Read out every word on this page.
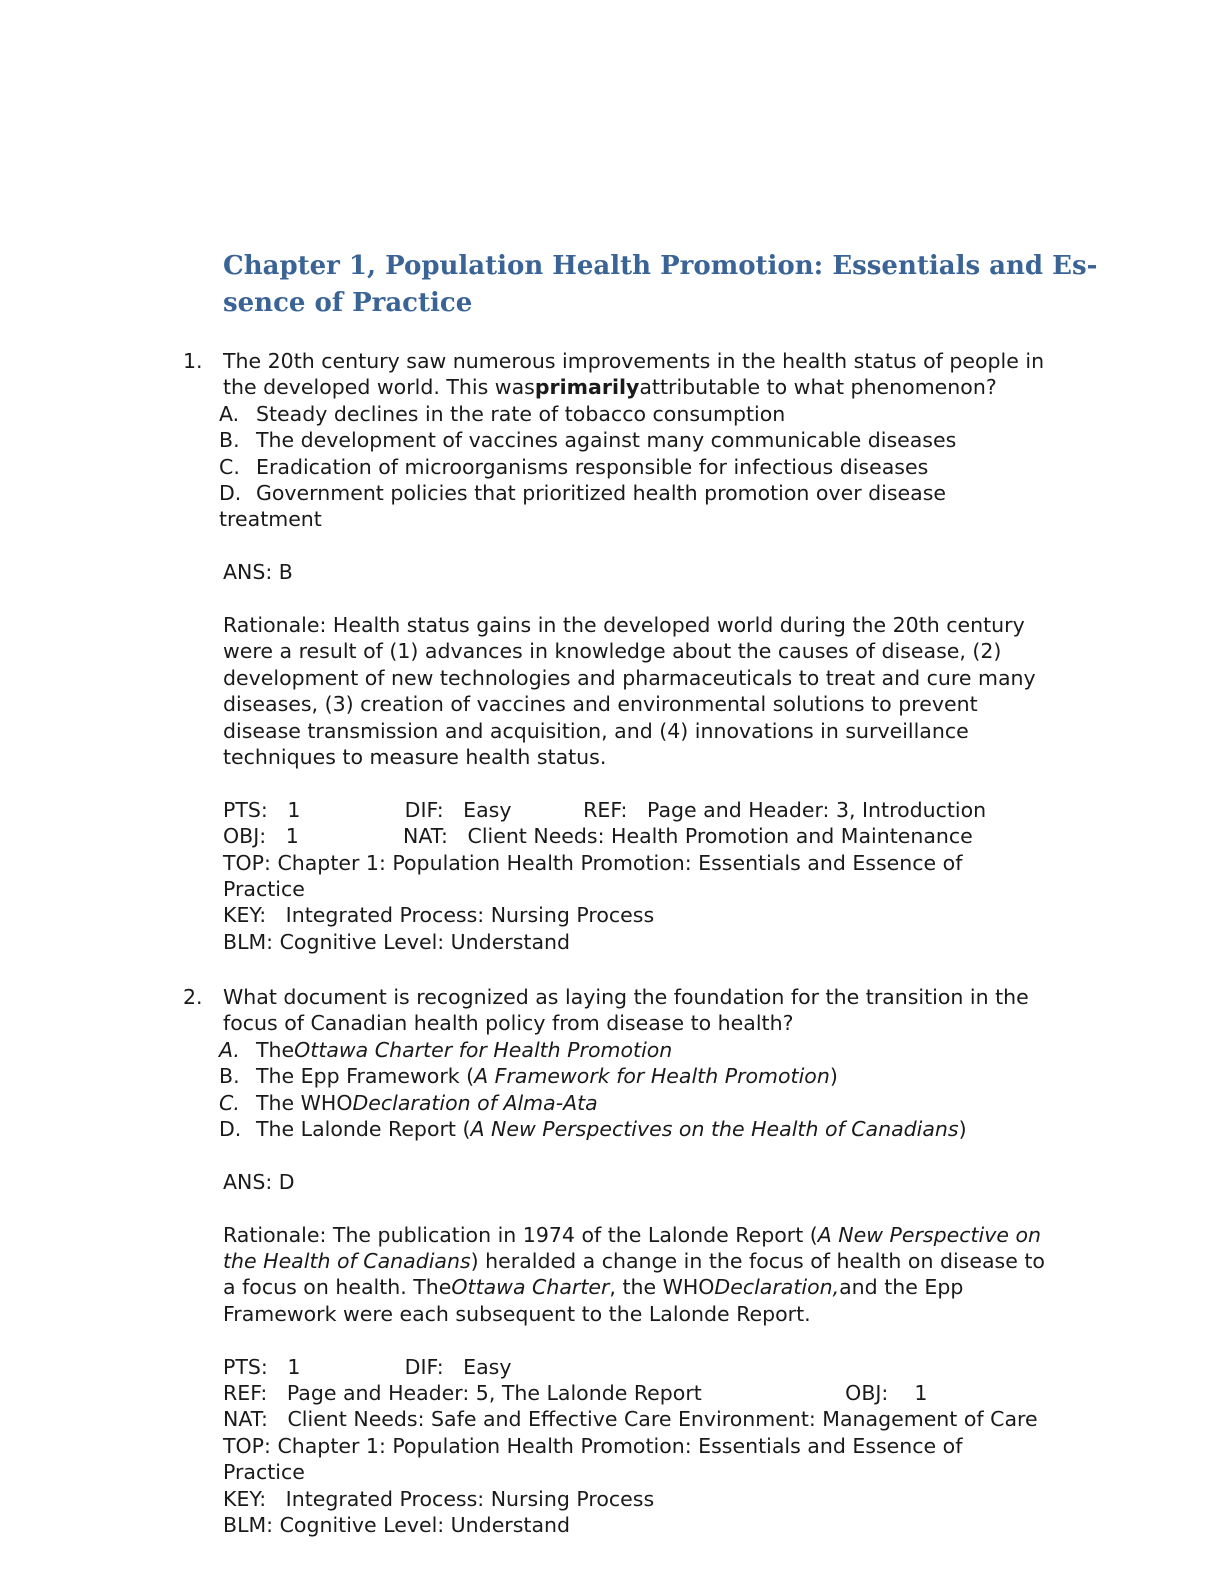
Chapter 1, Population Health Promotion: Essentials and Es-
sence of Practice
1. The 20th century saw numerous improvements in the health status of people in
the developed world. This was primarily attributable to what phenomenon?
A. Steady declines in the rate of tobacco consumption
B. The development of vaccines against many communicable diseases
C. Eradication of microorganisms responsible for infectious diseases
D. Government policies that prioritized health promotion over disease
treatment
ANS: B
Rationale: Health status gains in the developed world during the 20th century
were a result of (1) advances in knowledge about the causes of disease, (2)
development of new technologies and pharmaceuticals to treat and cure many
diseases, (3) creation of vaccines and environmental solutions to prevent
disease transmission and acquisition, and (4) innovations in surveillance
techniques to measure health status.
PTS:   1                DIF:   Easy           REF:   Page and Header: 3, Introduction
OBJ:   1                NAT:   Client Needs: Health Promotion and Maintenance
TOP: Chapter 1: Population Health Promotion: Essentials and Essence of
Practice
KEY:   Integrated Process: Nursing Process
BLM: Cognitive Level: Understand
2. What document is recognized as laying the foundation for the transition in the
focus of Canadian health policy from disease to health?
A. The Ottawa Charter for Health Promotion
B. The Epp Framework ( A Framework for Health Promotion )
C. The WHO Declaration of Alma-Ata
D. The Lalonde Report ( A New Perspectives on the Health of Canadians )
ANS: D
Rationale: The publication in 1974 of the Lalonde Report ( A New Perspective on
the Health of Canadians ) heralded a change in the focus of health on disease to
a focus on health. The Ottawa Charter , the WHO Declaration, and the Epp
Framework were each subsequent to the Lalonde Report.
PTS:   1                DIF:   Easy
REF:   Page and Header: 5, The Lalonde Report                      OBJ:    1
NAT:   Client Needs: Safe and Effective Care Environment: Management of Care
TOP: Chapter 1: Population Health Promotion: Essentials and Essence of
Practice
KEY:   Integrated Process: Nursing Process
BLM: Cognitive Level: Understand
